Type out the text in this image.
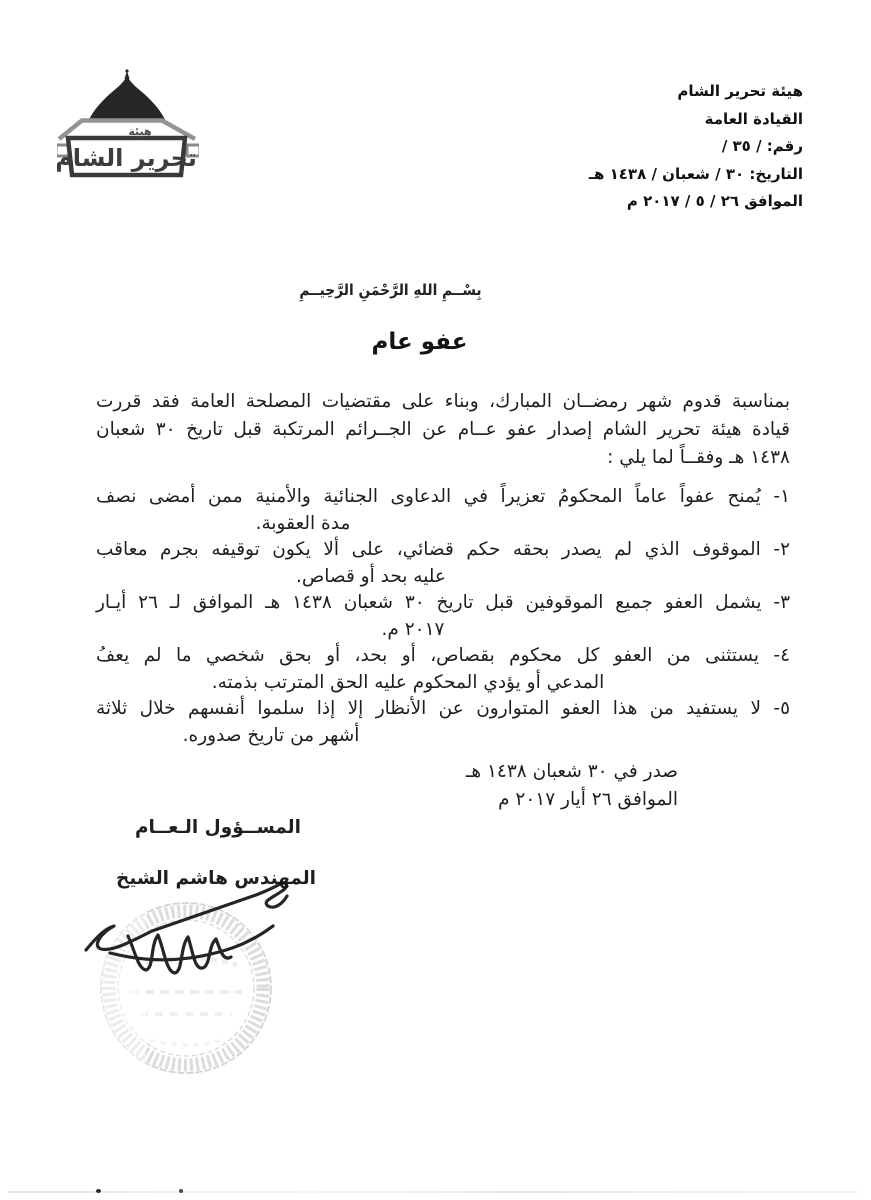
هيئة
تحرير الشام
هيئة تحرير الشام
القيادة العامة
رقم: / ٣٥ /
التاريخ: ٣٠ / شعبان / ١٤٣٨ هـ
الموافق ٢٦ / ٥ / ٢٠١٧ م
بِسْــمِ اللهِ الرَّحْمَنِ الرَّحِيــمِ
عفو عام
بمناسبة قدوم شهر رمضــان المبارك، وبناء على مقتضيات المصلحة العامة فقد قررت
قيادة هيئة تحرير الشام إصدار عفو عــام عن الجــرائم المرتكبة قبل تاريخ ٣٠ شعبان
١٤٣٨ هـ وفقــاً لما يلي :
١- يُمنح عفواً عاماً المحكومُ تعزيراً في الدعاوى الجنائية والأمنية ممن أمضى نصف
مدة العقوبة.
٢- الموقوف الذي لم يصدر بحقه حكم قضائي، على ألا يكون توقيفه بجرم معاقب
عليه بحد أو قصاص.
٣- يشمل العفو جميع الموقوفين قبل تاريخ ٣٠ شعبان ١٤٣٨ هـ الموافق لـ ٢٦ أيـار
٢٠١٧ م.
٤- يستثنى من العفو كل محكوم بقصاص، أو بحد، أو بحق شخصي ما لم يعفُ
المدعي أو يؤدي المحكوم عليه الحق المترتب بذمته.
٥- لا يستفيد من هذا العفو المتوارون عن الأنظار إلا إذا سلموا أنفسهم خلال ثلاثة
أشهر من تاريخ صدوره.
صدر في ٣٠ شعبان ١٤٣٨ هـ
الموافق ٢٦ أيار ٢٠١٧ م
المســؤول الـعــام
المهندس هاشم الشيخ
